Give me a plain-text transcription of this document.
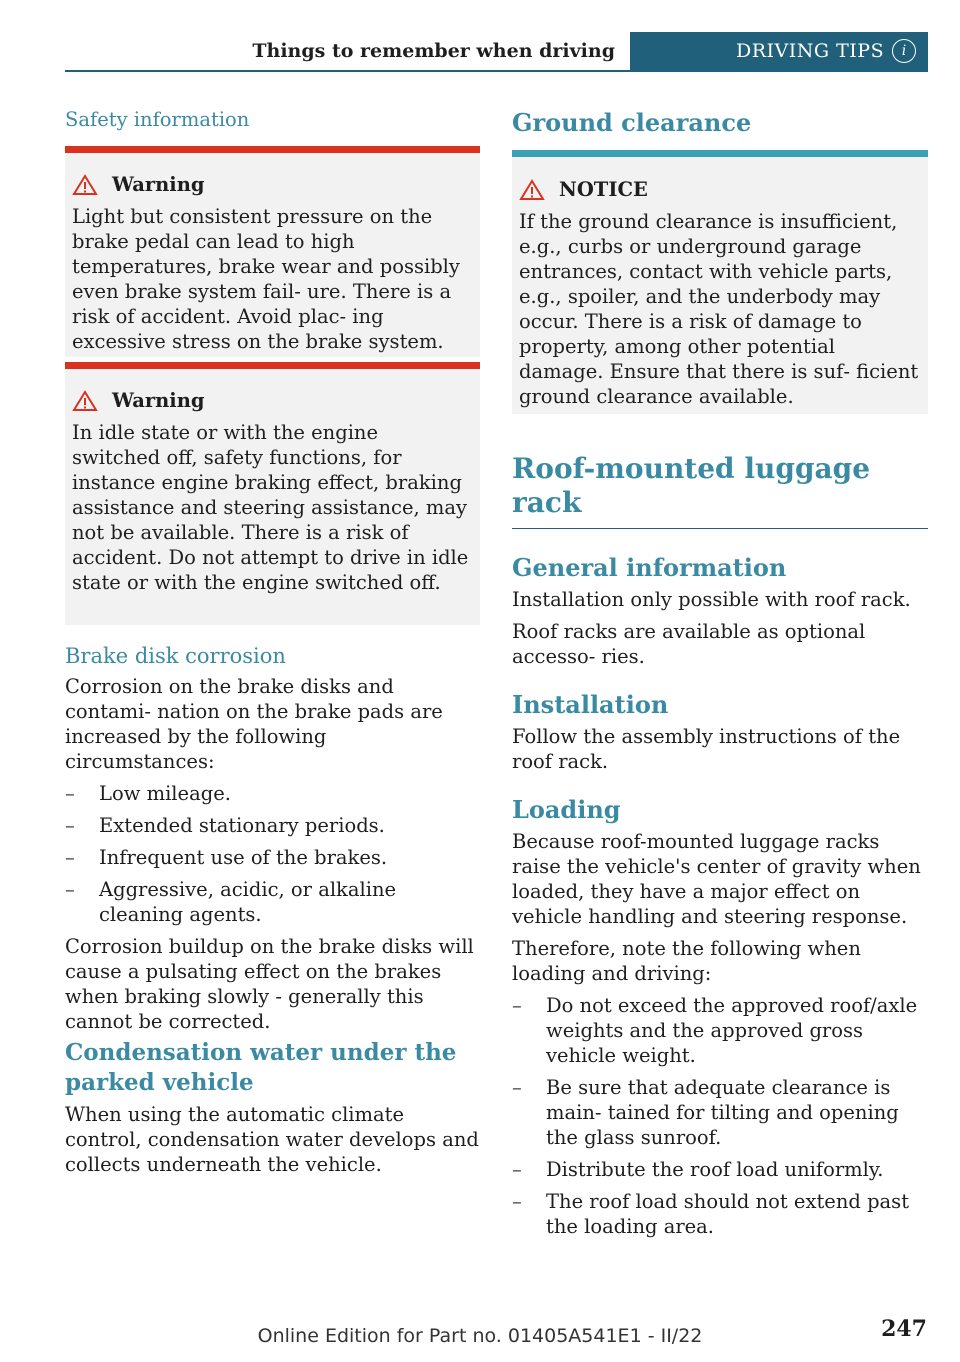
Things to remember when driving	DRIVING TIPS	i
Safety information
Warning

Light but consistent pressure on the brake pedal can lead to high temperatures, brake wear and possibly even brake system fail‐ ure. There is a risk of accident. Avoid plac‐ ing excessive stress on the brake system.

Warning

In idle state or with the engine switched off, safety functions, for instance engine braking effect, braking assistance and steering assistance, may not be available. There is a risk of accident. Do not attempt to drive in idle state or with the engine switched off.

Brake disk corrosion

Corrosion on the brake disks and contami‐ nation on the brake pads are increased by the following circumstances:

– Low mileage.
– Extended stationary periods.
– Infrequent use of the brakes.
– Aggressive, acidic, or alkaline cleaning agents.

Corrosion buildup on the brake disks will cause a pulsating effect on the brakes when braking slowly - generally this cannot be corrected.

Condensation water under the parked vehicle

When using the automatic climate control, condensation water develops and collects underneath the vehicle.

Ground clearance
NOTICE

If the ground clearance is insufficient, e.g., curbs or underground garage entrances, contact with vehicle parts, e.g., spoiler, and the underbody may occur. There is a risk of damage to property, among other potential damage. Ensure that there is suf‐ ficient ground clearance available.

Roof-mounted luggage rack
General information

Installation only possible with roof rack.

Roof racks are available as optional accesso‐ ries.

Installation

Follow the assembly instructions of the roof rack.

Loading

Because roof-mounted luggage racks raise the vehicle's center of gravity when loaded, they have a major effect on vehicle handling and steering response.

Therefore, note the following when loading and driving:

– Do not exceed the approved roof/axle weights and the approved gross vehicle weight.
– Be sure that adequate clearance is main‐ tained for tilting and opening the glass sunroof.
– Distribute the roof load uniformly.
– The roof load should not extend past the loading area.
247
Online Edition for Part no. 01405A541E1 - II/22
